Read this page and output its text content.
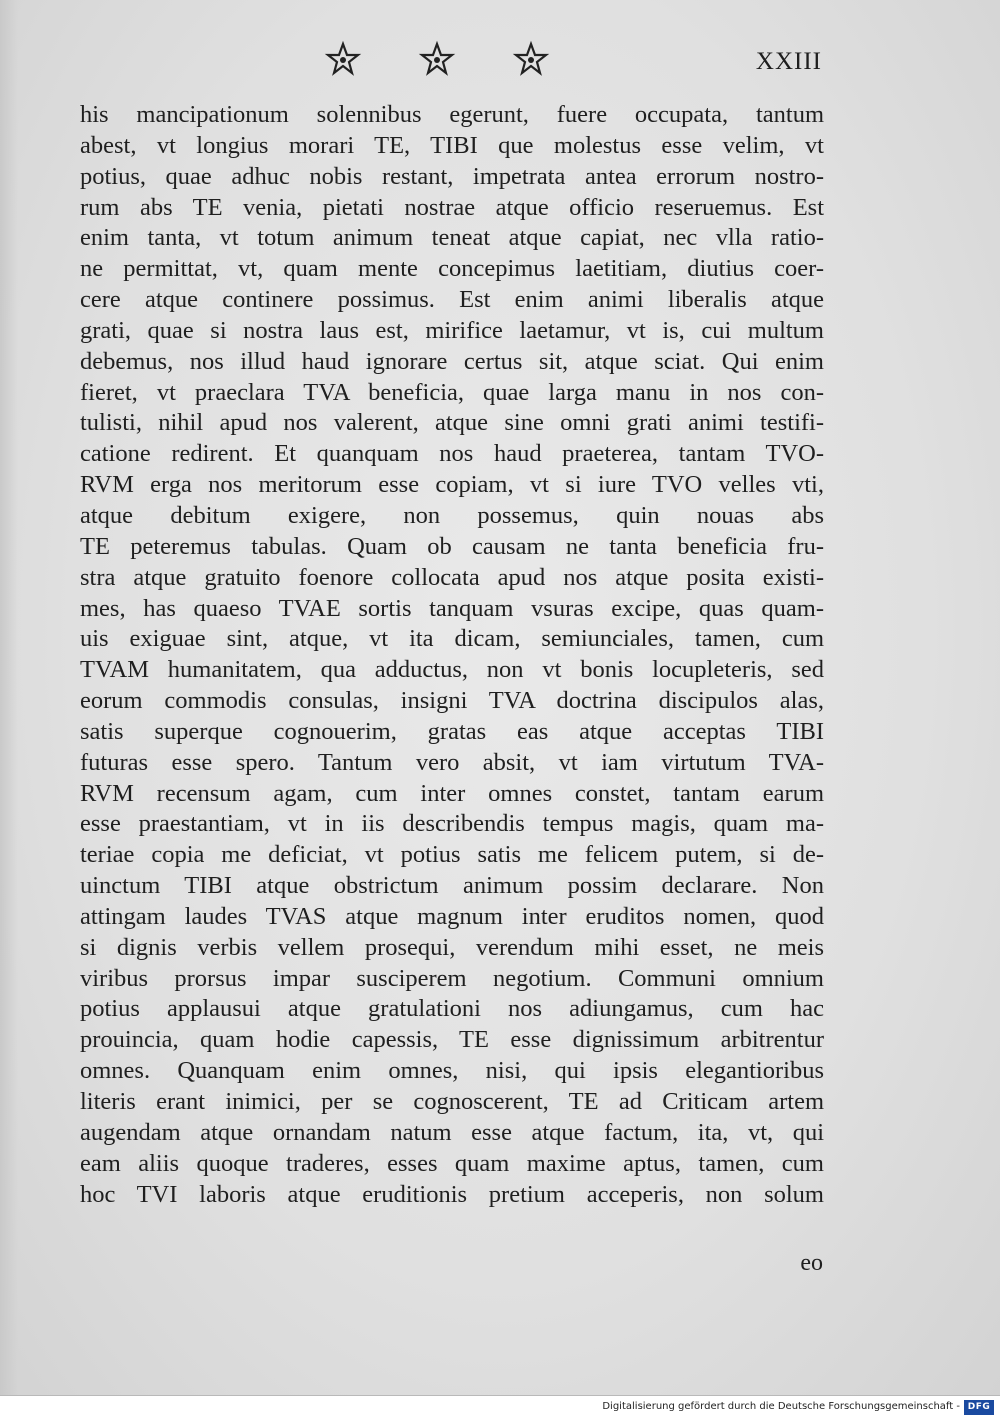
XXIII
his mancipationum solennibus egerunt, fuere occupata, tantum
abest, vt longius morari TE, TIBI que molestus esse velim, vt
potius, quae adhuc nobis restant, impetrata antea errorum nostro-
rum abs TE venia, pietati nostrae atque officio reseruemus. Est
enim tanta, vt totum animum teneat atque capiat, nec vlla ratio-
ne permittat, vt, quam mente concepimus laetitiam, diutius coer-
cere atque continere possimus. Est enim animi liberalis atque
grati, quae si nostra laus est, mirifice laetamur, vt is, cui multum
debemus, nos illud haud ignorare certus sit, atque sciat. Qui enim
fieret, vt praeclara TVA beneficia, quae larga manu in nos con-
tulisti, nihil apud nos valerent, atque sine omni grati animi testifi-
catione redirent. Et quanquam nos haud praeterea, tantam TVO-
RVM erga nos meritorum esse copiam, vt si iure TVO velles vti,
atque debitum exigere, non possemus, quin nouas abs
TE peteremus tabulas. Quam ob causam ne tanta beneficia fru-
stra atque gratuito foenore collocata apud nos atque posita existi-
mes, has quaeso TVAE sortis tanquam vsuras excipe, quas quam-
uis exiguae sint, atque, vt ita dicam, semiunciales, tamen, cum
TVAM humanitatem, qua adductus, non vt bonis locupleteris, sed
eorum commodis consulas, insigni TVA doctrina discipulos alas,
satis superque cognouerim, gratas eas atque acceptas TIBI
futuras esse spero. Tantum vero absit, vt iam virtutum TVA-
RVM recensum agam, cum inter omnes constet, tantam earum
esse praestantiam, vt in iis describendis tempus magis, quam ma-
teriae copia me deficiat, vt potius satis me felicem putem, si de-
uinctum TIBI atque obstrictum animum possim declarare. Non
attingam laudes TVAS atque magnum inter eruditos nomen, quod
si dignis verbis vellem prosequi, verendum mihi esset, ne meis
viribus prorsus impar susciperem negotium. Communi omnium
potius applausui atque gratulationi nos adiungamus, cum hac
prouincia, quam hodie capessis, TE esse dignissimum arbitrentur
omnes. Quanquam enim omnes, nisi, qui ipsis elegantioribus
literis erant inimici, per se cognoscerent, TE ad Criticam artem
augendam atque ornandam natum esse atque factum, ita, vt, qui
eam aliis quoque traderes, esses quam maxime aptus, tamen, cum
hoc TVI laboris atque eruditionis pretium acceperis, non solum
eo
Digitalisierung gefördert durch die Deutsche Forschungsgemeinschaft - DFG
